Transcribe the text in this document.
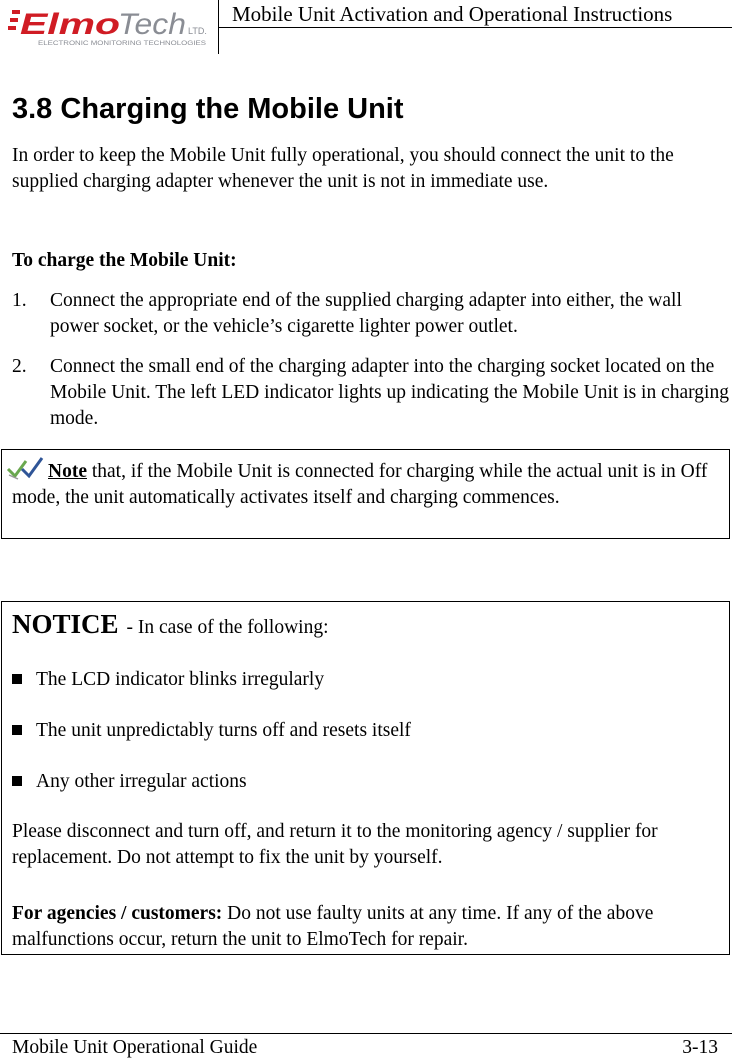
Elmo
Tech LTD.
ELECTRONIC MONITORING TECHNOLOGIES
Mobile Unit Activation and Operational Instructions
3.8 Charging the Mobile Unit
In order to keep the Mobile Unit fully operational, you should connect the unit to the supplied charging adapter whenever the unit is not in immediate use.
To charge the Mobile Unit:
1. Connect the appropriate end of the supplied charging adapter into either, the wall power socket, or the vehicle’s cigarette lighter power outlet.
2. Connect the small end of the charging adapter into the charging socket located on the Mobile Unit. The left LED indicator lights up indicating the Mobile Unit is in charging mode.
Note that, if the Mobile Unit is connected for charging while the actual unit is in Off mode, the unit automatically activates itself and charging commences.
NOTICE - In case of the following:
The LCD indicator blinks irregularly
The unit unpredictably turns off and resets itself
Any other irregular actions
Please disconnect and turn off, and return it to the monitoring agency / supplier for replacement. Do not attempt to fix the unit by yourself.
For agencies / customers: Do not use faulty units at any time. If any of the above malfunctions occur, return the unit to ElmoTech for repair.
Mobile Unit Operational Guide	3-13
